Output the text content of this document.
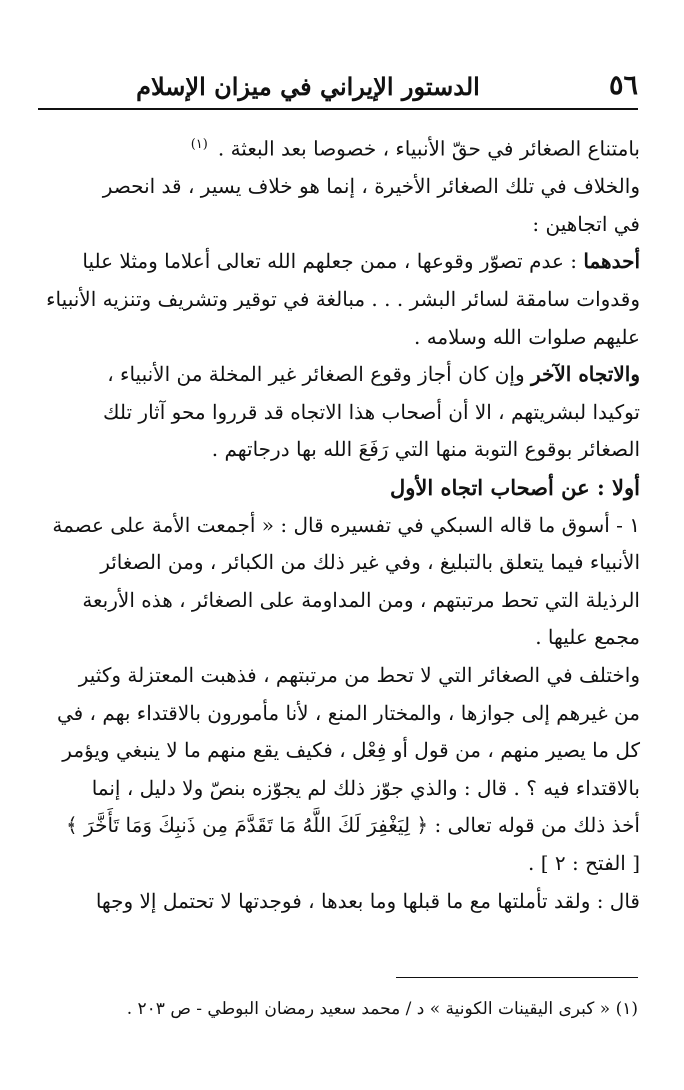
٥٦
الدستور الإيراني في ميزان الإسلام

بامتناع الصغائر في حقّ الأنبياء ، خصوصا بعد البعثة .$^{(١)}$

والخلاف في تلك الصغائر الأخيرة ، إنما هو خلاف يسير ، قد انحصر

في اتجاهين :

أحدهما : عدم تصوّر وقوعها ، ممن جعلهم الله تعالى أعلاما ومثلا عليا

وقدوات سامقة لسائر البشر . . . مبالغة في توقير وتشريف وتنزيه الأنبياء

عليهم صلوات الله وسلامه .

والاتجاه الآخر وإن كان أجاز وقوع الصغائر غير المخلة من الأنبياء ،

توكيدا لبشريتهم ، الا أن أصحاب هذا الاتجاه قد قرروا محو آثار تلك

الصغائر بوقوع التوبة منها التي رَفَعَ الله بها درجاتهم .

أولا : عن أصحاب اتجاه الأول

١ - أسوق ما قاله السبكي في تفسيره قال : « أجمعت الأمة على عصمة

الأنبياء فيما يتعلق بالتبليغ ، وفي غير ذلك من الكبائر ، ومن الصغائر

الرذيلة التي تحط مرتبتهم ، ومن المداومة على الصغائر ، هذه الأربعة

مجمع عليها .

واختلف في الصغائر التي لا تحط من مرتبتهم ، فذهبت المعتزلة وكثير

من غيرهم إلى جوازها ، والمختار المنع ، لأنا مأمورون بالاقتداء بهم ، في

كل ما يصير منهم ، من قول أو فِعْل ، فكيف يقع منهم ما لا ينبغي ويؤمر

بالاقتداء فيه ؟ . قال : والذي جوّز ذلك لم يجوّزه بنصّ ولا دليل ، إنما

أخذ ذلك من قوله تعالى : ﴿ لِيَغْفِرَ لَكَ اللَّهُ مَا تَقَدَّمَ مِن ذَنبِكَ وَمَا تَأَخَّرَ ﴾

[ الفتح : ٢ ] .

قال : ولقد تأملتها مع ما قبلها وما بعدها ، فوجدتها لا تحتمل إلا وجها

(١) « كبرى اليقينات الكونية » د / محمد سعيد رمضان البوطي - ص ٢٠٣ .
